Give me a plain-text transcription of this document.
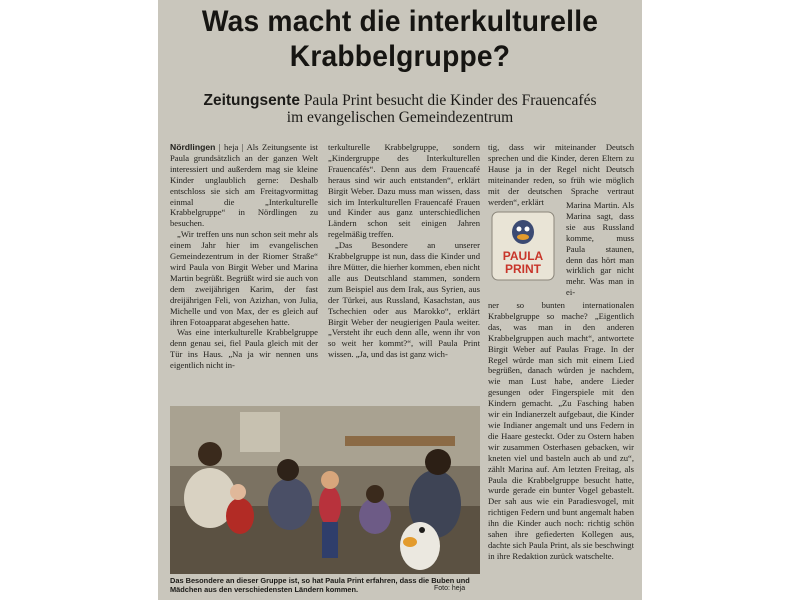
Was macht die interkulturelle
Krabbelgruppe?
Zeitungsente Paula Print besucht die Kinder des Frauencafés
im evangelischen Gemeindezentrum

Nördlingen | heja | Als Zeitungsente ist Paula grundsätzlich an der ganzen Welt interessiert und außerdem mag sie kleine Kinder unglaublich gerne: Deshalb entschloss sie sich am Freitagvormittag einmal die „Interkulturelle Krabbelgruppe“ in Nördlingen zu besuchen.

„Wir treffen uns nun schon seit mehr als einem Jahr hier im evangelischen Gemeindezentrum in der Riomer Straße“ wird Paula von Birgit Weber und Marina Martin begrüßt. Begrüßt wird sie auch von dem zweijährigen Karim, der fast dreijährigen Feli, von Azizhan, von Julia, Michelle und von Max, der es gleich auf ihren Fotoapparat abgesehen hatte.

Was eine interkulturelle Krabbelgruppe denn genau sei, fiel Paula gleich mit der Tür ins Haus. „Na ja wir nennen uns eigentlich nicht in-

terkulturelle Krabbelgruppe, sondern „Kindergruppe des Interkulturellen Frauencafés“. Denn aus dem Frauencafé heraus sind wir auch entstanden“, erklärt Birgit Weber. Dazu muss man wissen, dass sich im Interkulturellen Frauencafé Frauen und Kinder aus ganz unterschiedlichen Ländern schon seit einigen Jahren regelmäßig treffen.

„Das Besondere an unserer Krabbelgruppe ist nun, dass die Kinder und ihre Mütter, die hierher kommen, eben nicht alle aus Deutschland stammen, sondern zum Beispiel aus dem Irak, aus Syrien, aus der Türkei, aus Russland, Kasachstan, aus Tschechien oder aus Marokko“, erklärt Birgit Weber der neugierigen Paula weiter. „Versteht ihr euch denn alle, wenn ihr von so weit her kommt?“, will Paula Print wissen. „Ja, und das ist ganz wich-

tig, dass wir miteinander Deutsch sprechen und die Kinder, deren Eltern zu Hause ja in der Regel nicht Deutsch miteinander reden, so früh wie möglich mit der deutschen Sprache vertraut werden“, erklärt

PAULA
PRINT
Marina Martin. Als Marina sagt, dass sie aus Russland komme, muss Paula staunen, denn das hört man wirklich gar nicht mehr. Was man in ei-

ner so bunten internationalen Krabbelgruppe so mache? „Eigentlich das, was man in den anderen Krabbelgruppen auch macht“, antwortete Birgit Weber auf Paulas Frage. In der Regel würde man sich mit einem Lied begrüßen, danach würden je nachdem, wie man Lust habe, andere Lieder gesungen oder Fingerspiele mit den Kindern gemacht. „Zu Fasching haben wir ein Indianerzelt aufgebaut, die Kinder wie Indianer angemalt und uns Federn in die Haare gesteckt. Oder zu Ostern haben wir zusammen Osterhasen gebacken, wir kneten viel und basteln auch ab und zu“, zählt Marina auf. Am letzten Freitag, als Paula die Krabbelgruppe besucht hatte, wurde gerade ein bunter Vogel gebastelt. Der sah aus wie ein Paradiesvogel, mit richtigen Federn und bunt angemalt haben ihn die Kinder auch noch: richtig schön sahen ihre gefiederten Kollegen aus, dachte sich Paula Print, als sie beschwingt in ihre Redaktion zurück watschelte.

Das Besondere an dieser Gruppe ist, so hat Paula Print erfahren, dass die Buben und Mädchen aus den verschiedensten Ländern kommen.	Foto: heja
